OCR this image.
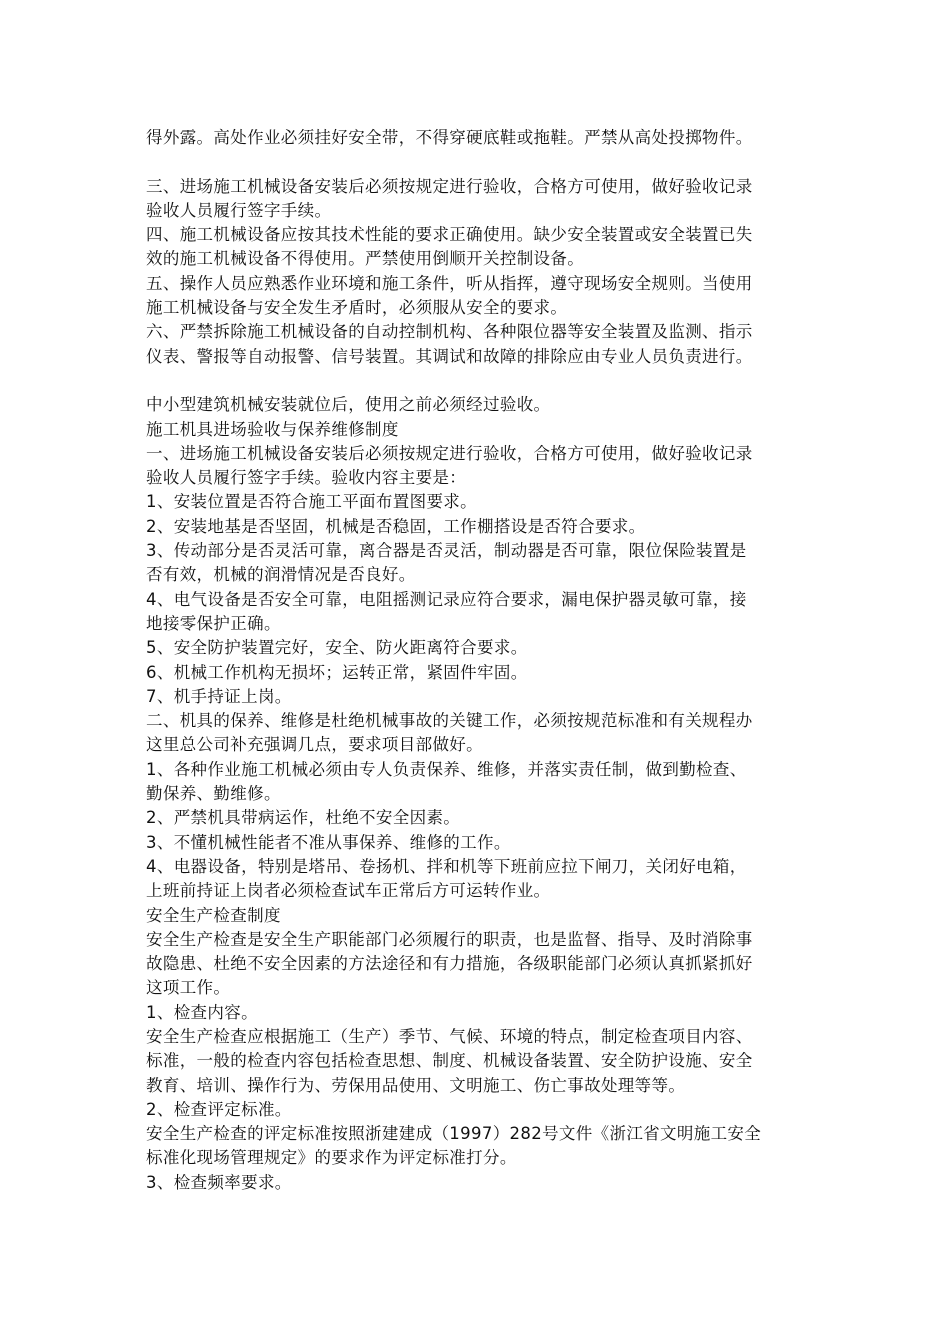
得外露。高处作业必须挂好安全带，不得穿硬底鞋或拖鞋。严禁从高处投掷物件。
三、进场施工机械设备安装后必须按规定进行验收，合格方可使用，做好验收记录
验收人员履行签字手续。
四、施工机械设备应按其技术性能的要求正确使用。缺少安全装置或安全装置已失
效的施工机械设备不得使用。严禁使用倒顺开关控制设备。
五、操作人员应熟悉作业环境和施工条件，听从指挥，遵守现场安全规则。当使用
施工机械设备与安全发生矛盾时，必须服从安全的要求。
六、严禁拆除施工机械设备的自动控制机构、各种限位器等安全装置及监测、指示
仪表、警报等自动报警、信号装置。其调试和故障的排除应由专业人员负责进行。
中小型建筑机械安装就位后，使用之前必须经过验收。
施工机具进场验收与保养维修制度
一、进场施工机械设备安装后必须按规定进行验收，合格方可使用，做好验收记录
验收人员履行签字手续。验收内容主要是：
1、安装位置是否符合施工平面布置图要求。
2、安装地基是否坚固，机械是否稳固，工作棚搭设是否符合要求。
3、传动部分是否灵活可靠，离合器是否灵活，制动器是否可靠，限位保险装置是
否有效，机械的润滑情况是否良好。
4、电气设备是否安全可靠，电阻摇测记录应符合要求，漏电保护器灵敏可靠，接
地接零保护正确。
5、安全防护装置完好，安全、防火距离符合要求。
6、机械工作机构无损坏；运转正常，紧固件牢固。
7、机手持证上岗。
二、机具的保养、维修是杜绝机械事故的关键工作，必须按规范标准和有关规程办
这里总公司补充强调几点，要求项目部做好。
1、各种作业施工机械必须由专人负责保养、维修，并落实责任制，做到勤检查、
勤保养、勤维修。
2、严禁机具带病运作，杜绝不安全因素。
3、不懂机械性能者不准从事保养、维修的工作。
4、电器设备，特别是塔吊、卷扬机、拌和机等下班前应拉下闸刀，关闭好电箱，
上班前持证上岗者必须检查试车正常后方可运转作业。
安全生产检查制度
安全生产检查是安全生产职能部门必须履行的职责，也是监督、指导、及时消除事
故隐患、杜绝不安全因素的方法途径和有力措施，各级职能部门必须认真抓紧抓好
这项工作。
1、检查内容。
安全生产检查应根据施工（生产）季节、气候、环境的特点，制定检查项目内容、
标准，一般的检查内容包括检查思想、制度、机械设备装置、安全防护设施、安全
教育、培训、操作行为、劳保用品使用、文明施工、伤亡事故处理等等。
2、检查评定标准。
安全生产检查的评定标准按照浙建建成（1997）282号文件《浙江省文明施工安全
标准化现场管理规定》的要求作为评定标准打分。
3、检查频率要求。
